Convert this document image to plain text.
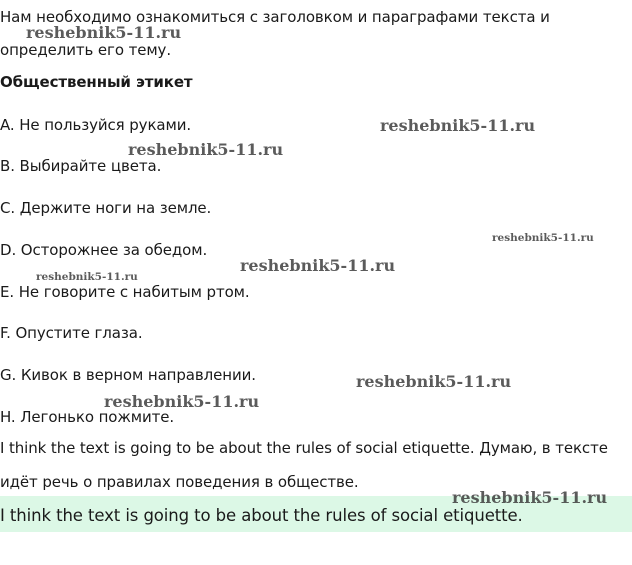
Нам необходимо ознакомиться с заголовком и параграфами текста и
определить его тему.
Общественный этикет
A. Не пользуйся руками.
B. Выбирайте цвета.
C. Держите ноги на земле.
D. Осторожнее за обедом.
E. Не говорите с набитым ртом.
F. Опустите глаза.
G. Кивок в верном направлении.
H. Легонько пожмите.
I think the text is going to be about the rules of social etiquette. Думаю, в тексте
идёт речь о правилах поведения в обществе.
I think the text is going to be about the rules of social etiquette.
reshebnik5-11.ru
reshebnik5-11.ru
reshebnik5-11.ru
reshebnik5-11.ru
reshebnik5-11.ru
reshebnik5-11.ru
reshebnik5-11.ru
reshebnik5-11.ru
reshebnik5-11.ru
